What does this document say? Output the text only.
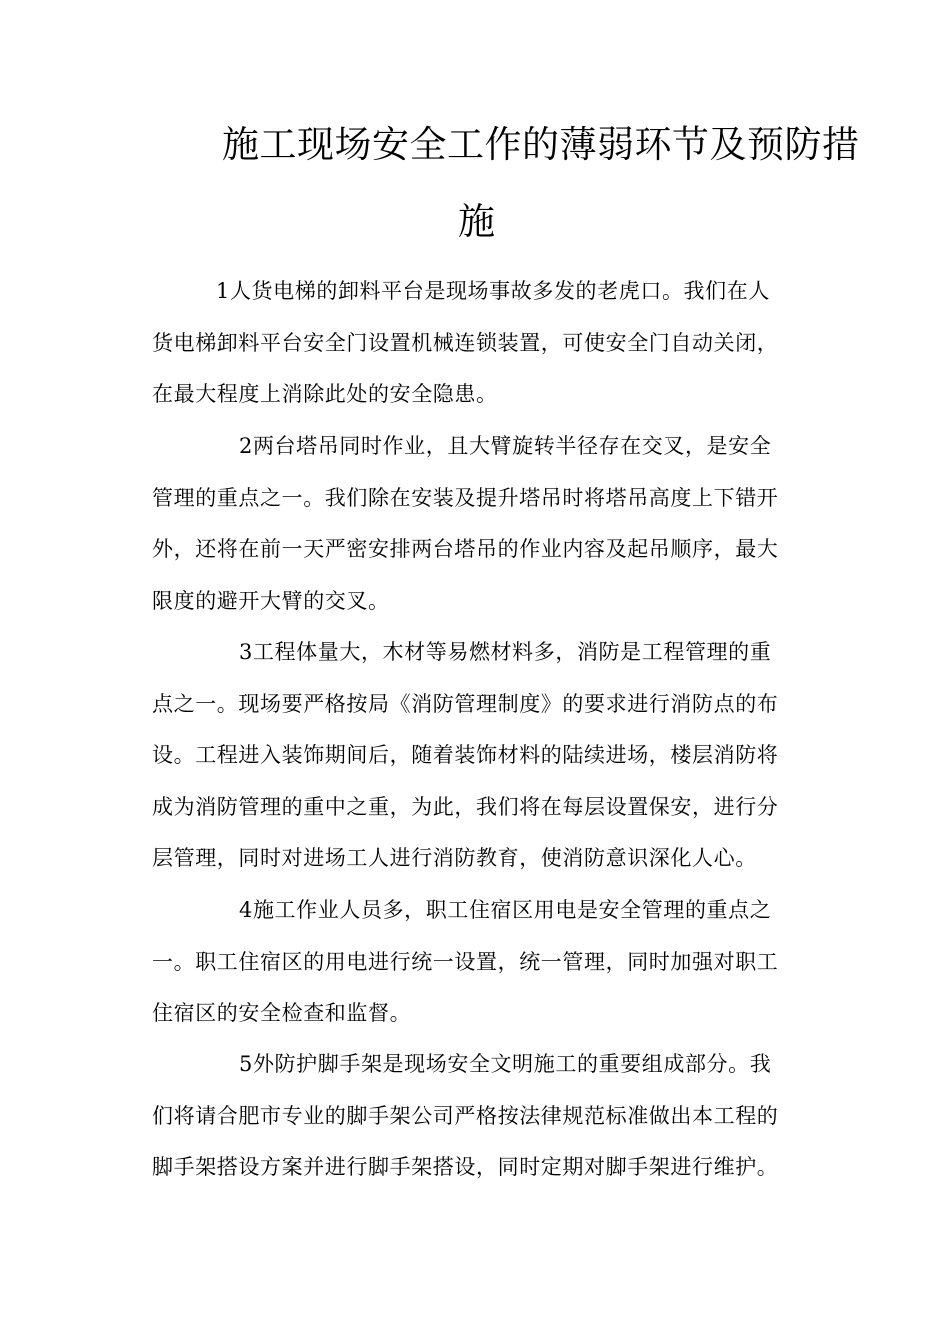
施工现场安全工作的薄弱环节及预防措
施
1人货电梯的卸料平台是现场事故多发的老虎口。我们在人
货电梯卸料平台安全门设置机械连锁装置，可使安全门自动关闭，
在最大程度上消除此处的安全隐患。
2两台塔吊同时作业，且大臂旋转半径存在交叉，是安全
管理的重点之一。我们除在安装及提升塔吊时将塔吊高度上下错开
外，还将在前一天严密安排两台塔吊的作业内容及起吊顺序，最大
限度的避开大臂的交叉。
3工程体量大，木材等易燃材料多，消防是工程管理的重
点之一。现场要严格按局《消防管理制度》的要求进行消防点的布
设。工程进入装饰期间后，随着装饰材料的陆续进场，楼层消防将
成为消防管理的重中之重，为此，我们将在每层设置保安，进行分
层管理，同时对进场工人进行消防教育，使消防意识深化人心。
4施工作业人员多，职工住宿区用电是安全管理的重点之
一。职工住宿区的用电进行统一设置，统一管理，同时加强对职工
住宿区的安全检查和监督。
5外防护脚手架是现场安全文明施工的重要组成部分。我
们将请合肥市专业的脚手架公司严格按法律规范标准做出本工程的
脚手架搭设方案并进行脚手架搭设，同时定期对脚手架进行维护。
